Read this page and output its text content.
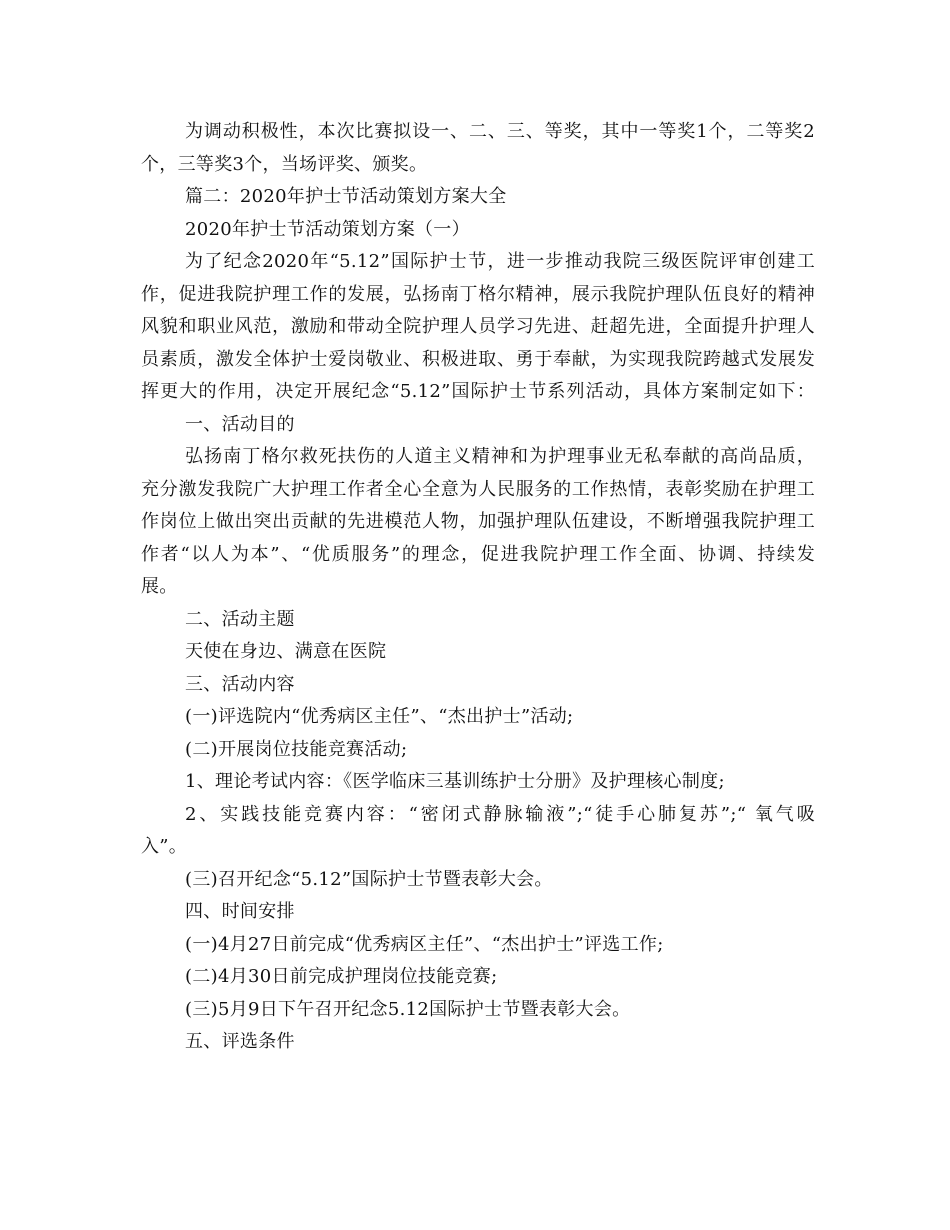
为调动积极性，本次比赛拟设一、二、三、等奖，其中一等奖1个，二等奖2
个，三等奖3个，当场评奖、颁奖。
篇二：2020年护士节活动策划方案大全
2020年护士节活动策划方案（一）
为了纪念2020年“5.12”国际护士节，进一步推动我院三级医院评审创建工
作，促进我院护理工作的发展，弘扬南丁格尔精神，展示我院护理队伍良好的精神
风貌和职业风范，激励和带动全院护理人员学习先进、赶超先进，全面提升护理人
员素质，激发全体护士爱岗敬业、积极进取、勇于奉献，为实现我院跨越式发展发
挥更大的作用，决定开展纪念“5.12”国际护士节系列活动，具体方案制定如下：
一、活动目的
弘扬南丁格尔救死扶伤的人道主义精神和为护理事业无私奉献的高尚品质，
充分激发我院广大护理工作者全心全意为人民服务的工作热情，表彰奖励在护理工
作岗位上做出突出贡献的先进模范人物，加强护理队伍建设，不断增强我院护理工
作者“以人为本”、“优质服务”的理念，促进我院护理工作全面、协调、持续发
展。
二、活动主题
天使在身边、满意在医院
三、活动内容
(一)评选院内“优秀病区主任”、“杰出护士”活动;
(二)开展岗位技能竞赛活动;
1、理论考试内容：《医学临床三基训练护士分册》及护理核心制度;
2、实践技能竞赛内容：“密闭式静脉输液”;“徒手心肺复苏”;“ 氧气吸
入”。
(三)召开纪念“5.12”国际护士节暨表彰大会。
四、时间安排
(一)4月27日前完成“优秀病区主任”、“杰出护士”评选工作;
(二)4月30日前完成护理岗位技能竞赛;
(三)5月9日下午召开纪念5.12国际护士节暨表彰大会。
五、评选条件
